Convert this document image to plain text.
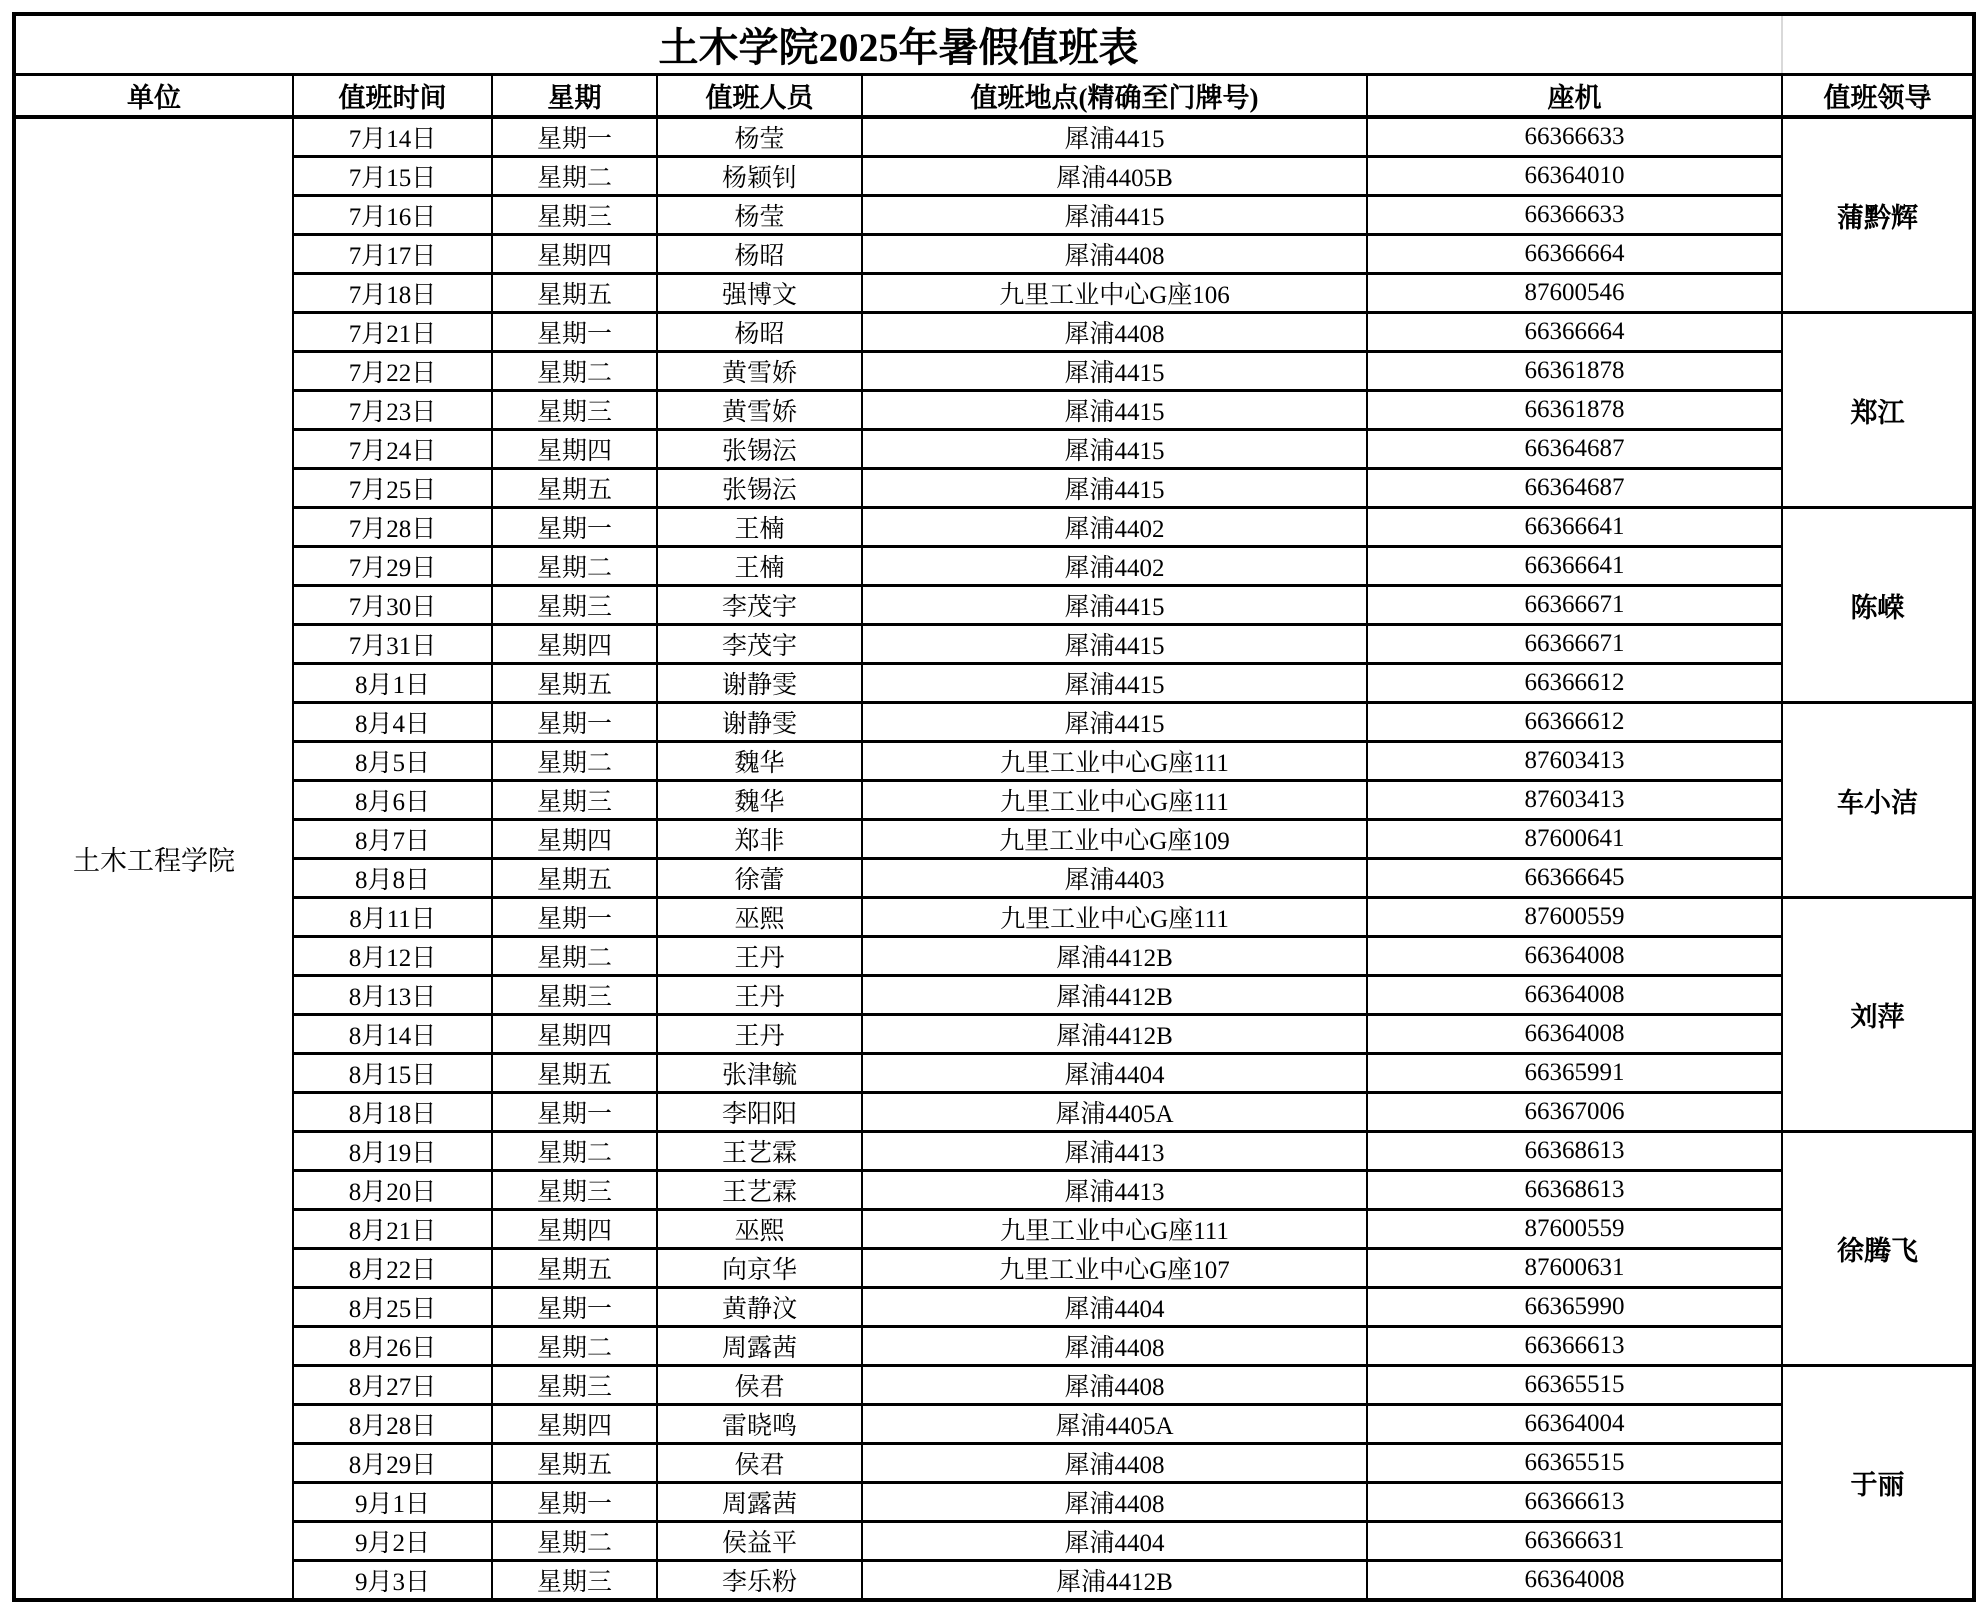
土木学院2025年暑假值班表						
单位	值班时间	星期	值班人员	值班地点(精确至门牌号)	座机	值班领导
土木工程学院	7月14日	星期一	杨莹	犀浦4415	66366633	蒲黔辉
	7月15日	星期二	杨颖钊	犀浦4405B	66364010	
	7月16日	星期三	杨莹	犀浦4415	66366633	
	7月17日	星期四	杨昭	犀浦4408	66366664	
	7月18日	星期五	强博文	九里工业中心G座106	87600546	
	7月21日	星期一	杨昭	犀浦4408	66366664	郑江
	7月22日	星期二	黄雪娇	犀浦4415	66361878	
	7月23日	星期三	黄雪娇	犀浦4415	66361878	
	7月24日	星期四	张锡沄	犀浦4415	66364687	
	7月25日	星期五	张锡沄	犀浦4415	66364687	
	7月28日	星期一	王楠	犀浦4402	66366641	陈嵘
	7月29日	星期二	王楠	犀浦4402	66366641	
	7月30日	星期三	李茂宇	犀浦4415	66366671	
	7月31日	星期四	李茂宇	犀浦4415	66366671	
	8月1日	星期五	谢静雯	犀浦4415	66366612	
	8月4日	星期一	谢静雯	犀浦4415	66366612	车小洁
	8月5日	星期二	魏华	九里工业中心G座111	87603413	
	8月6日	星期三	魏华	九里工业中心G座111	87603413	
	8月7日	星期四	郑非	九里工业中心G座109	87600641	
	8月8日	星期五	徐蕾	犀浦4403	66366645	
	8月11日	星期一	巫熙	九里工业中心G座111	87600559	刘萍
	8月12日	星期二	王丹	犀浦4412B	66364008	
	8月13日	星期三	王丹	犀浦4412B	66364008	
	8月14日	星期四	王丹	犀浦4412B	66364008	
	8月15日	星期五	张津毓	犀浦4404	66365991	
	8月18日	星期一	李阳阳	犀浦4405A	66367006	
	8月19日	星期二	王艺霖	犀浦4413	66368613	徐腾飞
	8月20日	星期三	王艺霖	犀浦4413	66368613	
	8月21日	星期四	巫熙	九里工业中心G座111	87600559	
	8月22日	星期五	向京华	九里工业中心G座107	87600631	
	8月25日	星期一	黄静汶	犀浦4404	66365990	
	8月26日	星期二	周露茜	犀浦4408	66366613	
	8月27日	星期三	侯君	犀浦4408	66365515	于丽
	8月28日	星期四	雷晓鸣	犀浦4405A	66364004	
	8月29日	星期五	侯君	犀浦4408	66365515	
	9月1日	星期一	周露茜	犀浦4408	66366613	
	9月2日	星期二	侯益平	犀浦4404	66366631	
	9月3日	星期三	李乐粉	犀浦4412B	66364008	
